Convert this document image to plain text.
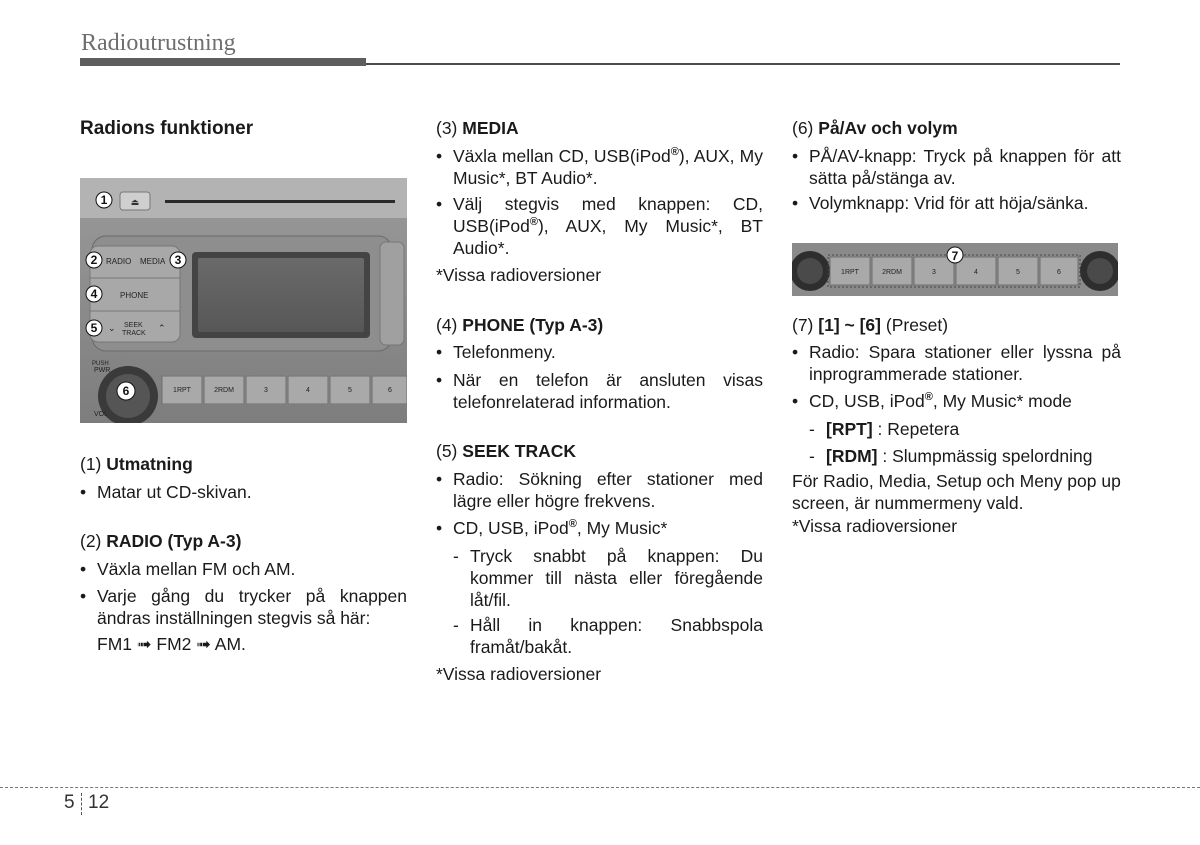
Radioutrustning
Radions funktioner
⏏
RADIO MEDIA
PHONE
SEEK
TRACK
⌄	⌃
PUSH
PWR
VOL
1RPT	2RDM	3	4	5	6
1
2	3
4
5
6
1RPT	2RDM	3	4	5	6
7

(1) Utmatning

• Matar ut CD-skivan.

(2) RADIO (Typ A-3)

• Växla mellan FM och AM.
• Varje gång du trycker på knappen ändras inställningen stegvis så här:

FM1 ➟ FM2 ➟ AM.

(3) MEDIA

• Växla mellan CD, USB(iPod®), AUX, My Music*, BT Audio*.
• Välj stegvis med knappen: CD, USB(iPod®), AUX, My Music*, BT Audio*.

*Vissa radioversioner

(4) PHONE (Typ A-3)

• Telefonmeny.
• När en telefon är ansluten visas telefonrelaterad information.

(5) SEEK TRACK

• Radio: Sökning efter stationer med lägre eller högre frekvens.
• CD, USB, iPod®, My Music*
- Tryck snabbt på knappen: Du kommer till nästa eller föregående låt/fil.
- Håll in knappen: Snabbspola framåt/bakåt.

*Vissa radioversioner

(6) På/Av och volym

• PÅ/AV-knapp: Tryck på knappen för att sätta på/stänga av.
• Volymknapp: Vrid för att höja/sänka.

(7) [1] ~ [6] (Preset)

• Radio: Spara stationer eller lyssna på inprogrammerade stationer.
• CD, USB, iPod®, My Music* mode
- [RPT] : Repetera
- [RDM] : Slumpmässig spelordning

För Radio, Media, Setup och Meny pop up screen, är nummermeny vald.

*Vissa radioversioner

5 12
